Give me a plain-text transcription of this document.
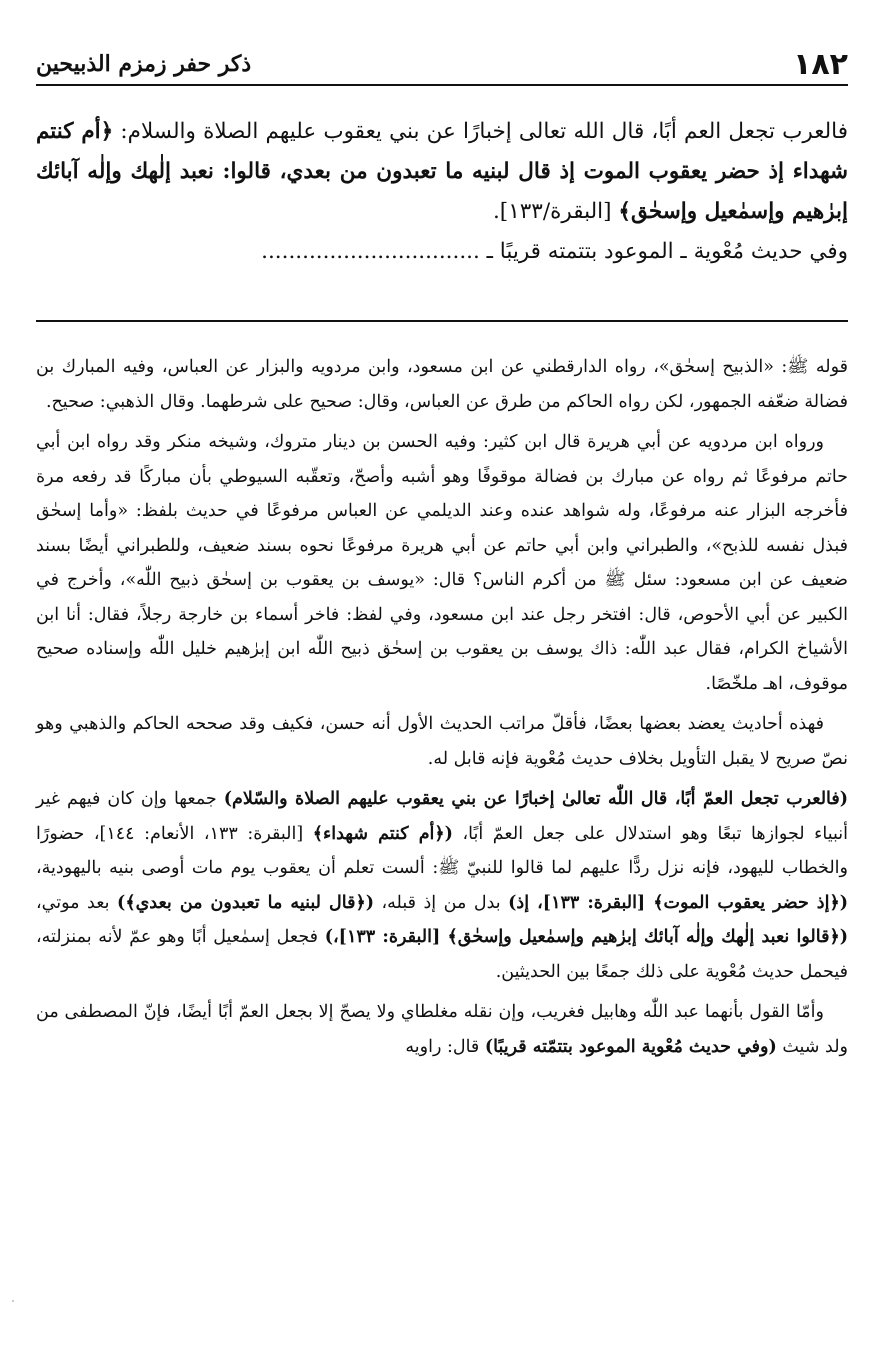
١٨٢
ذكر حفر زمزم الذبيحين

فالعرب تجعل العم أبًا، قال الله تعالى إخبارًا عن بني يعقوب عليهم الصلاة والسلام: ﴿أم كنتم شهداء إذ حضر يعقوب الموت إذ قال لبنيه ما تعبدون من بعدي، قالوا: نعبد إلٰهك وإلٰه آبائك إبرٰهيم وإسمٰعيل وإسحٰق﴾ [البقرة/١٣٣].

وفي حديث مُعْوية ـ الموعود بتتمته قريبًا ـ ................................

قوله ﷺ: «الذبيح إسحٰق»، رواه الدارقطني عن ابن مسعود، وابن مردويه والبزار عن العباس، وفيه المبارك بن فضالة ضعّفه الجمهور، لكن رواه الحاكم من طرق عن العباس، وقال: صحيح على شرطهما. وقال الذهبي: صحيح.

ورواه ابن مردويه عن أبي هريرة قال ابن كثير: وفيه الحسن بن دينار متروك، وشيخه منكر وقد رواه ابن أبي حاتم مرفوعًا ثم رواه عن مبارك بن فضالة موقوفًا وهو أشبه وأصحّ، وتعقّبه السيوطي بأن مباركًا قد رفعه مرة فأخرجه البزار عنه مرفوعًا، وله شواهد عنده وعند الديلمي عن العباس مرفوعًا في حديث بلفظ: «وأما إسحٰق فبذل نفسه للذبح»، والطبراني وابن أبي حاتم عن أبي هريرة مرفوعًا نحوه بسند ضعيف، وللطبراني أيضًا بسند ضعيف عن ابن مسعود: سئل ﷺ من أكرم الناس؟ قال: «يوسف بن يعقوب بن إسحٰق ذبيح اللّٰه»، وأخرج في الكبير عن أبي الأحوص، قال: افتخر رجل عند ابن مسعود، وفي لفظ: فاخر أسماء بن خارجة رجلاً، فقال: أنا ابن الأشياخ الكرام، فقال عبد اللّٰه: ذاك يوسف بن يعقوب بن إسحٰق ذبيح اللّٰه ابن إبرٰهيم خليل اللّٰه وإسناده صحيح موقوف، اهـ ملخّصًا.

فهذه أحاديث يعضد بعضها بعضًا، فأقلّ مراتب الحديث الأول أنه حسن، فكيف وقد صححه الحاكم والذهبي وهو نصّ صريح لا يقبل التأويل بخلاف حديث مُعْوية فإنه قابل له.

(فالعرب تجعل العمّ أبًا، قال اللّٰه تعالىٰ إخبارًا عن بني يعقوب عليهم الصلاة والسّلام) جمعها وإن كان فيهم غير أنبياء لجوازها تبعًا وهو استدلال على جعل العمّ أبًا، (﴿أم كنتم شهداء﴾ [البقرة: ١٣٣، الأنعام: ١٤٤]، حضورًا والخطاب لليهود، فإنه نزل ردًّا عليهم لما قالوا للنبيّ ﷺ: ألست تعلم أن يعقوب يوم مات أوصى بنيه باليهودية، (﴿إذ حضر يعقوب الموت﴾ [البقرة: ١٣٣]، إذ) بدل من إذ قبله، (﴿قال لبنيه ما تعبدون من بعدي﴾) بعد موتي، (﴿قالوا نعبد إلٰهك وإلٰه آبائك إبرٰهيم وإسمٰعيل وإسحٰق﴾ [البقرة: ١٣٣]،) فجعل إسمٰعيل أبًا وهو عمّ لأنه بمنزلته، فيحمل حديث مُعْوية على ذلك جمعًا بين الحديثين.

وأمّا القول بأنهما عبد اللّٰه وهابيل فغريب، وإن نقله مغلطاي ولا يصحّ إلا بجعل العمّ أبًا أيضًا، فإنّ المصطفى من ولد شيث (وفي حديث مُعْوية الموعود بتتمّته قريبًا) قال: راويه
